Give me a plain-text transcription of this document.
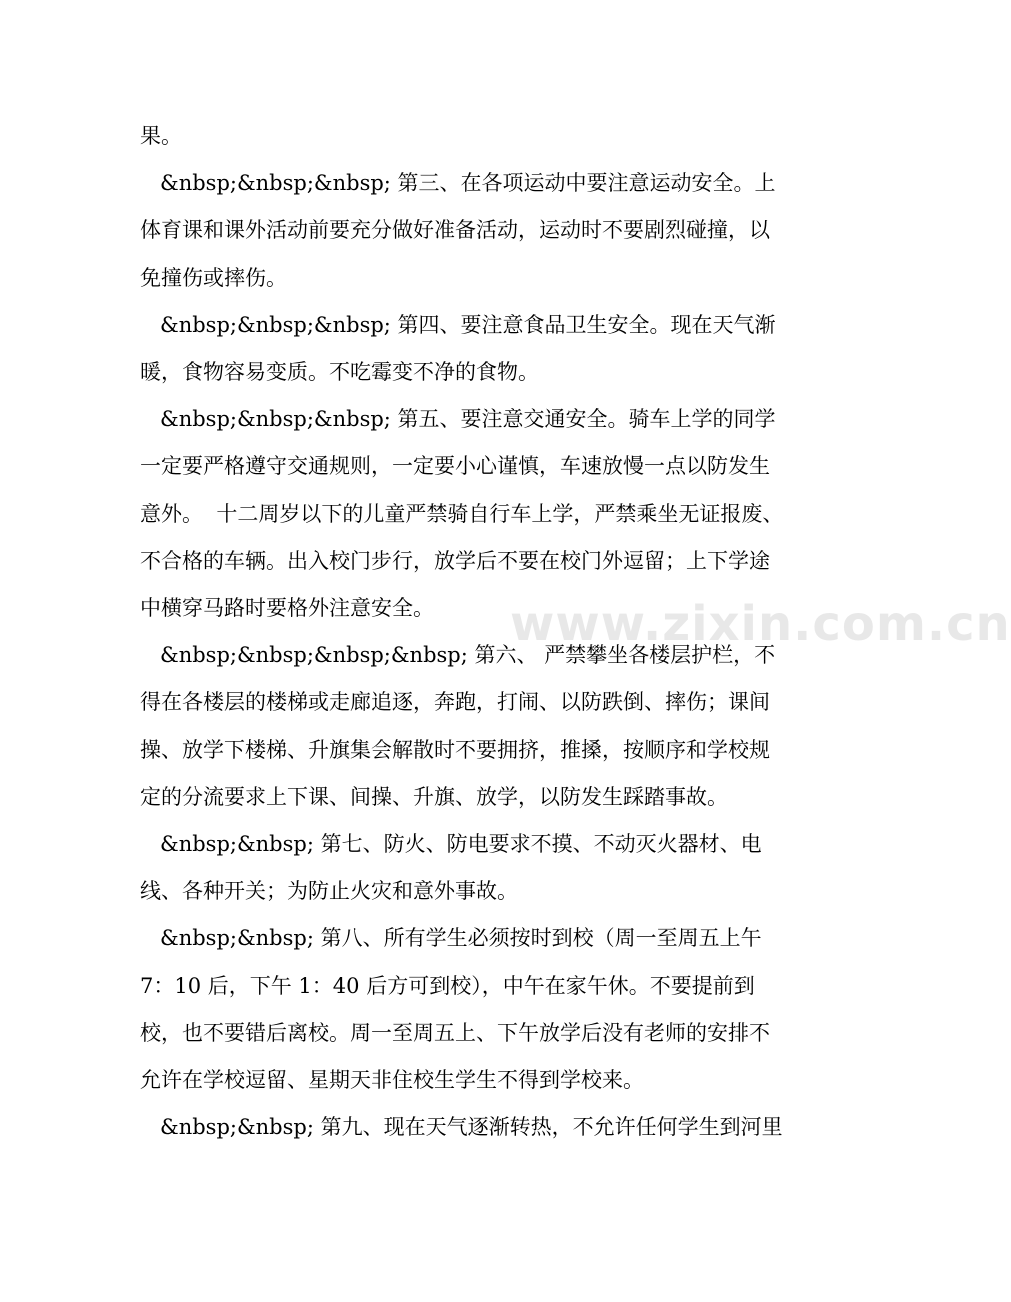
果。

&nbsp;&nbsp;&nbsp; 第三、在各项运动中要注意运动安全。上体育课和课外活动前要充分做好准备活动，运动时不要剧烈碰撞，以免撞伤或摔伤。

&nbsp;&nbsp;&nbsp; 第四、要注意食品卫生安全。现在天气渐暖，食物容易变质。不吃霉变不净的食物。

&nbsp;&nbsp;&nbsp; 第五、要注意交通安全。骑车上学的同学一定要严格遵守交通规则，一定要小心谨慎，车速放慢一点以防发生意外。  十二周岁以下的儿童严禁骑自行车上学，严禁乘坐无证报废、不合格的车辆。出入校门步行，放学后不要在校门外逗留；上下学途中横穿马路时要格外注意安全。

&nbsp;&nbsp;&nbsp;&nbsp; 第六、 严禁攀坐各楼层护栏，不得在各楼层的楼梯或走廊追逐，奔跑，打闹、以防跌倒、摔伤；课间操、放学下楼梯、升旗集会解散时不要拥挤，推搡，按顺序和学校规定的分流要求上下课、间操、升旗、放学，以防发生踩踏事故。

&nbsp;&nbsp; 第七、防火、防电要求不摸、不动灭火器材、电线、各种开关；为防止火灾和意外事故。

&nbsp;&nbsp; 第八、所有学生必须按时到校（周一至周五上午 7：10 后，下午 1：40 后方可到校），中午在家午休。不要提前到校，也不要错后离校。周一至周五上、下午放学后没有老师的安排不允许在学校逗留、星期天非住校生学生不得到学校来。

&nbsp;&nbsp; 第九、现在天气逐渐转热，不允许任何学生到河里

www.zixin.com.cn
